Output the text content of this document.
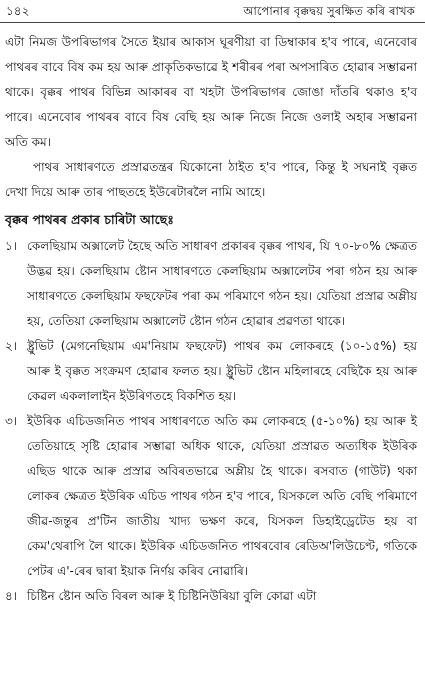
১৪২	আপোনাৰ বৃক্কদ্বয় সুৰক্ষিত কৰি ৰাখক

এটা নিমজ উপৰিভাগৰ সৈতে ইয়াৰ আকাস ঘূৰণীয়া বা ডিম্বাকাৰ হ'ব পাৰে, এনেবোৰ পাথৰৰ বাবে বিষ কম হয় আৰু প্ৰাকৃতিকভাৱে ই শৰীৰৰ পৰা অপসাৰিত হোৱাৰ সম্ভাৱনা থাকে। বৃক্কৰ পাথৰ বিভিন্ন আকাৰৰ বা খহটা উপৰিভাগৰ জোঙা দাঁতৰি থকাও হ'ব পাৰে। এনেবোৰ পাথৰৰ বাবে বিষ বেছি হয় আৰু নিজে নিজে ওলাই অহাৰ সম্ভাৱনা অতি কম।

পাথৰ সাধাৰণতে প্ৰস্ৰাৱতন্ত্ৰৰ যিকোনো ঠাইত হ'ব পাৰে, কিন্তু ই সঘনাই বৃক্কত দেখা দিয়ে আৰু তাৰ পাছতহে ইউৰেটাৰলৈ নামি আহে।

বৃক্কৰ পাথৰৰ প্ৰকাৰ চাৰিটা আছেঃ

১। কেলছিয়াম অক্সালেট হৈছে অতি সাধাৰণ প্ৰকাৰৰ বৃক্কৰ পাথৰ, যি ৭০-৮০% ক্ষেত্ৰত উদ্ভৱ হয়। কেলছিয়াম ষ্টোন সাধাৰণতে কেলছিয়াম অক্সালেটৰ পৰা গঠন হয় আৰু সাধাৰণতে কেলছিয়াম ফছফেটৰ পৰা কম পৰিমাণে গঠন হয়। যেতিয়া প্ৰস্ৰাৱ অম্লীয় হয়, তেতিয়া কেলছিয়াম অক্সালেট ষ্টোন গঠন হোৱাৰ প্ৰৱণতা থাকে।

২। ষ্ট্ৰুভিট (মেগনেছিয়াম এম'নিয়াম ফছফেট) পাথৰ কম লোকৰহে (১০-১৫%) হয় আৰু ই বৃক্কত সংক্ৰমণ হোৱাৰ ফলত হয়। ষ্ট্ৰুভিট ষ্টোন মহিলাৰহে বেছিকৈ হয় আৰু কেৱল একলালাইন ইউৰিণতহে বিকশিত হয়।

৩। ইউৰিক এচিডজনিত পাথৰ সাধাৰণতে অতি কম লোকৰহে (৫-১০%) হয় আৰু ই তেতিয়াহে সৃষ্টি হোৱাৰ সম্ভাৱা অধিক থাকে, যেতিয়া প্ৰস্ৰাৱত অত্যধিক ইউৰিক এছিড থাকে আৰু প্ৰস্ৰাৱ অবিৰতভাৱে অম্লীয় হৈ থাকে। ৰসবাত (গাউট) থকা লোকৰ ক্ষেত্ৰত ইউৰিক এচিড পাথৰ গঠন হ'ব পাৰে, যিসকলে অতি বেছি পৰিমাণে জীৱ-জন্তুৰ প্ৰ'টিন জাতীয় খাদ্য ভক্ষণ কৰে, যিসকল ডিহাইড্ৰেটেড হয় বা কেম'থেৰাপি লৈ থাকে। ইউৰিক এচিডজনিত পাথৰবোৰ ৰেডিঅ'লিউচেণ্ট, গতিকে পেটৰ এ'-ৰেৰ দ্বাৰা ইয়াক নিৰ্ণয় কৰিব নোৱাৰি।

৪। চিষ্টিন ষ্টোন অতি বিৰল আৰু ই চিষ্টিনিউৰিয়া বুলি কোৱা এটা
